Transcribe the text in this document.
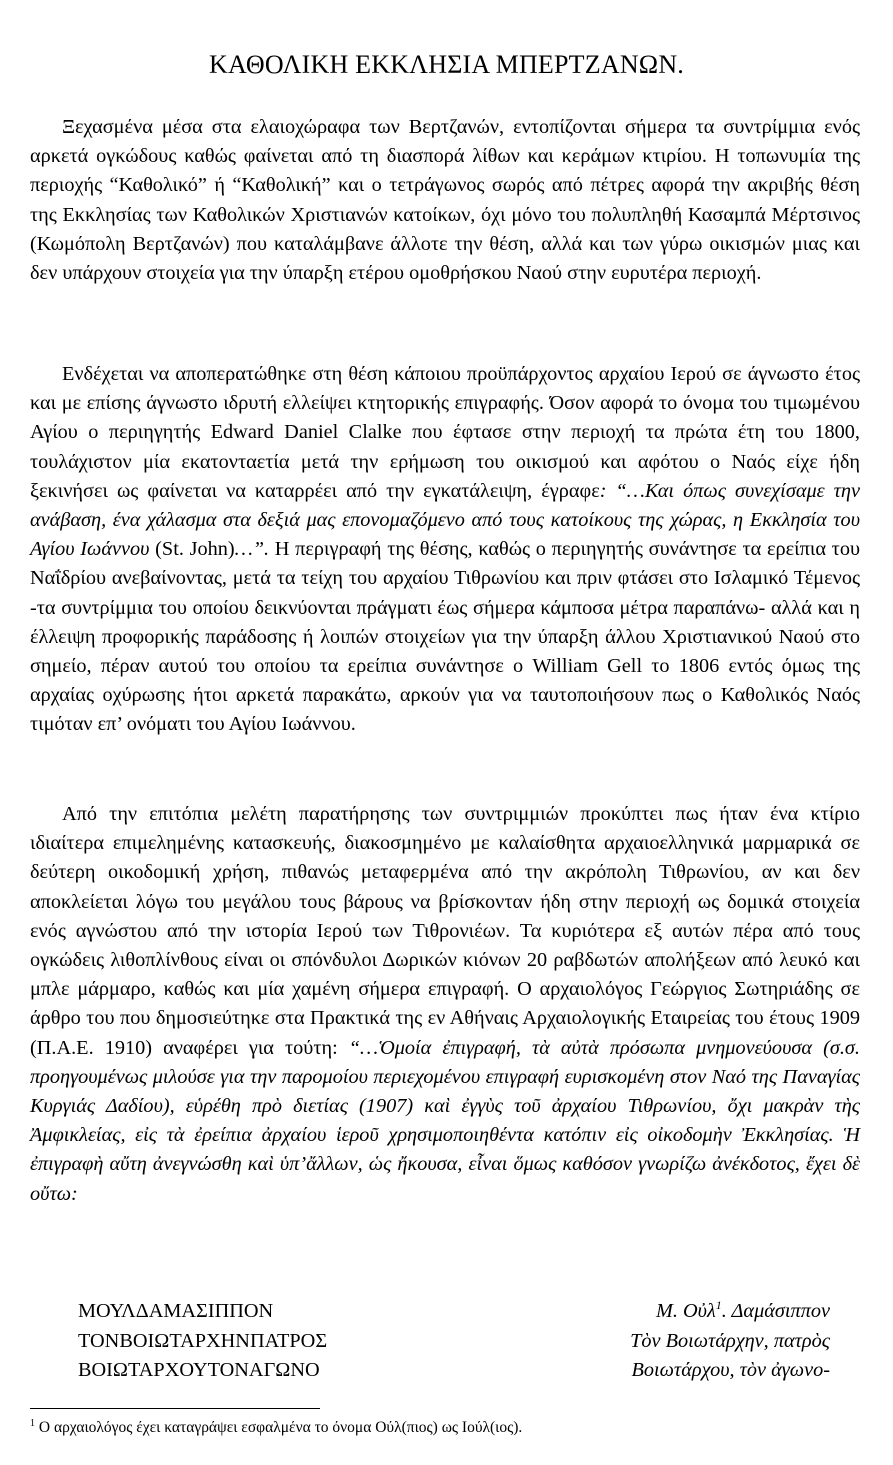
ΚΑΘΟΛΙΚΗ ΕΚΚΛΗΣΙΑ ΜΠΕΡΤΖΑΝΩΝ.

Ξεχασμένα μέσα στα ελαιοχώραφα των Βερτζανών, εντοπίζονται σήμερα τα συντρίμμια ενός αρκετά ογκώδους καθώς φαίνεται από τη διασπορά λίθων και κεράμων κτιρίου. Η τοπωνυμία της περιοχής “Καθολικό” ή “Καθολική” και ο τετράγωνος σωρός από πέτρες αφορά την ακριβής θέση της Εκκλησίας των Καθολικών Χριστιανών κατοίκων, όχι μόνο του πολυπληθή Κασαμπά Μέρτσινος (Κωμόπολη Βερτζανών) που καταλάμβανε άλλοτε την θέση, αλλά και των γύρω οικισμών μιας και δεν υπάρχουν στοιχεία για την ύπαρξη ετέρου ομοθρήσκου Ναού στην ευρυτέρα περιοχή.

Ενδέχεται να αποπερατώθηκε στη θέση κάποιου προϋπάρχοντος αρχαίου Ιερού σε άγνωστο έτος και με επίσης άγνωστο ιδρυτή ελλείψει κτητορικής επιγραφής. Όσον αφορά το όνομα του τιμωμένου Αγίου ο περιηγητής Edward Daniel Clalke που έφτασε στην περιοχή τα πρώτα έτη του 1800, τουλάχιστον μία εκατονταετία μετά την ερήμωση του οικισμού και αφότου ο Ναός είχε ήδη ξεκινήσει ως φαίνεται να καταρρέει από την εγκατάλειψη, έγραφε: “…Και όπως συνεχίσαμε την ανάβαση, ένα χάλασμα στα δεξιά μας επονομαζόμενο από τους κατοίκους της χώρας, η Εκκλησία του Αγίου Ιωάννου (St. John)…”. Η περιγραφή της θέσης, καθώς ο περιηγητής συνάντησε τα ερείπια του Ναΐδρίου ανεβαίνοντας, μετά τα τείχη του αρχαίου Τιθρωνίου και πριν φτάσει στο Ισλαμικό Τέμενος -τα συντρίμμια του οποίου δεικνύονται πράγματι έως σήμερα κάμποσα μέτρα παραπάνω- αλλά και η έλλειψη προφορικής παράδοσης ή λοιπών στοιχείων για την ύπαρξη άλλου Χριστιανικού Ναού στο σημείο, πέραν αυτού του οποίου τα ερείπια συνάντησε ο William Gell το 1806 εντός όμως της αρχαίας οχύρωσης ήτοι αρκετά παρακάτω, αρκούν για να ταυτοποιήσουν πως ο Καθολικός Ναός τιμόταν επ’ ονόματι του Αγίου Ιωάννου.

Από την επιτόπια μελέτη παρατήρησης των συντριμμιών προκύπτει πως ήταν ένα κτίριο ιδιαίτερα επιμελημένης κατασκευής, διακοσμημένο με καλαίσθητα αρχαιοελληνικά μαρμαρικά σε δεύτερη οικοδομική χρήση, πιθανώς μεταφερμένα από την ακρόπολη Τιθρωνίου, αν και δεν αποκλείεται λόγω του μεγάλου τους βάρους να βρίσκονταν ήδη στην περιοχή ως δομικά στοιχεία ενός αγνώστου από την ιστορία Ιερού των Τιθρονιέων. Τα κυριότερα εξ αυτών πέρα από τους ογκώδεις λιθοπλίνθους είναι οι σπόνδυλοι Δωρικών κιόνων 20 ραβδωτών απολήξεων από λευκό και μπλε μάρμαρο, καθώς και μία χαμένη σήμερα επιγραφή. Ο αρχαιολόγος Γεώργιος Σωτηριάδης σε άρθρο του που δημοσιεύτηκε στα Πρακτικά της εν Αθήναις Αρχαιολογικής Εταιρείας του έτους 1909 (Π.Α.Ε. 1910) αναφέρει για τούτη: “…Ὁμοία ἐπιγραφή, τὰ αὐτὰ πρόσωπα μνημονεύουσα (σ.σ. προηγουμένως μιλούσε για την παρομοίου περιεχομένου επιγραφή ευρισκομένη στον Ναό της Παναγίας Κυργιάς Δαδίου), εὑρέθη πρὸ διετίας (1907) καὶ ἐγγὺς τοῦ ἀρχαίου Τιθρωνίου, ὄχι μακρὰν τὴς Ἀμφικλείας, εἰς τὰ ἐρείπια ἀρχαίου ἱεροῦ χρησιμοποιηθέντα κατόπιν εἰς οἰκοδομὴν Ἐκκλησίας. Ἡ ἐπιγραφὴ αὔτη ἀνεγνώσθη καὶ ὑπ’ἄλλων, ὡς ἤκουσα, εἶναι ὅμως καθόσον γνωρίζω ἀνέκδοτος, ἔχει δὲ οὔτω:

ΜΟΥΛΔΑΜΑΣΙΠΠΟΝ
ΤΟΝΒΟΙΩΤΑΡΧΗΝΠΑΤΡΟΣ
ΒΟΙΩΤΑΡΧΟΥΤΟΝΑΓΩΝΟ
Μ. Οὐλ$^1$. Δαμάσιππον
Τὸν Βοιωτάρχην, πατρὸς
Βοιωτάρχου, τὸν ἀγωνο-
$^1$ Ο αρχαιολόγος έχει καταγράψει εσφαλμένα το όνομα Ούλ(πιος) ως Ιούλ(ιος).
